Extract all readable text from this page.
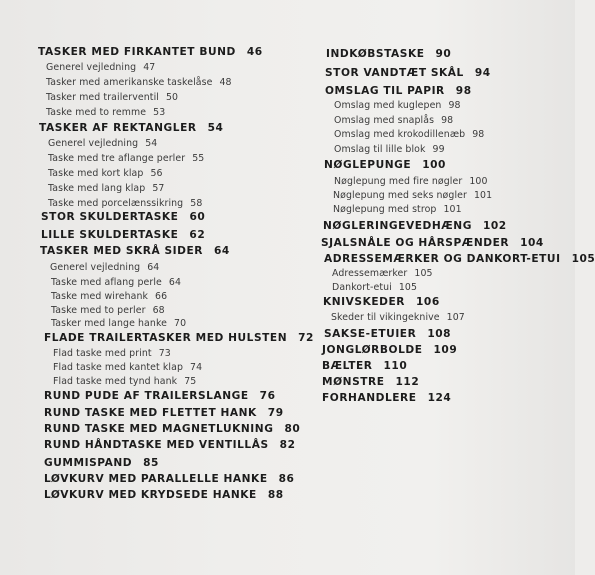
TASKER MED FIRKANTET BUND 46
Generel vejledning 47
Tasker med amerikanske taskelåse 48
Tasker med trailerventil 50
Taske med to remme 53
TASKER AF REKTANGLER 54
Generel vejledning 54
Taske med tre aflange perler 55
Taske med kort klap 56
Taske med lang klap 57
Taske med porcelænssikring 58
STOR SKULDERTASKE 60
LILLE SKULDERTASKE 62
TASKER MED SKRÅ SIDER 64
Generel vejledning 64
Taske med aflang perle 64
Taske med wirehank 66
Taske med to perler 68
Tasker med lange hanke 70
FLADE TRAILERTASKER MED HULSTEN 72
Flad taske med print 73
Flad taske med kantet klap 74
Flad taske med tynd hank 75
RUND PUDE AF TRAILERSLANGE 76
RUND TASKE MED FLETTET HANK 79
RUND TASKE MED MAGNETLUKNING 80
RUND HÅNDTASKE MED VENTILLÅS 82
GUMMISPAND 85
LØVKURV MED PARALLELLE HANKE 86
LØVKURV MED KRYDSEDE HANKE 88
INDKØBSTASKE 90
STOR VANDTÆT SKÅL 94
OMSLAG TIL PAPIR 98
Omslag med kuglepen 98
Omslag med snaplås 98
Omslag med krokodillenæb 98
Omslag til lille blok 99
NØGLEPUNGE 100
Nøglepung med fire nøgler 100
Nøglepung med seks nøgler 101
Nøglepung med strop 101
NØGLERINGEVEDHÆNG 102
SJALSNÅLE OG HÅRSPÆNDER 104
ADRESSEMÆRKER OG DANKORT-ETUI 105
Adressemærker 105
Dankort-etui 105
KNIVSKEDER 106
Skeder til vikingeknive 107
SAKSE-ETUIER 108
JONGLØRBOLDE 109
BÆLTER 110
MØNSTRE 112
FORHANDLERE 124
